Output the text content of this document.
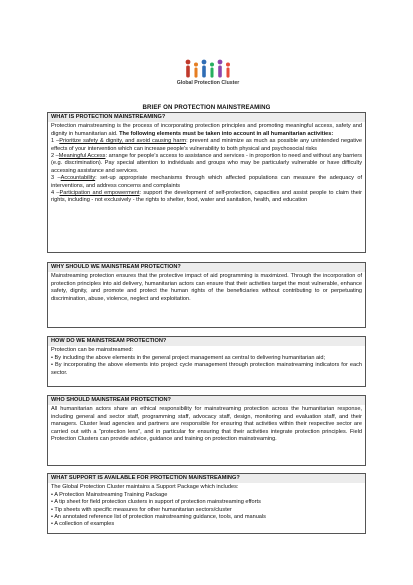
Global Protection Cluster
BRIEF ON PROTECTION MAINSTREAMING
WHAT IS PROTECTION MAINSTREAMING?

Protection mainstreaming is the process of incorporating protection principles and promoting meaningful access, safety and dignity in humanitarian aid. The following elements must be taken into account in all humanitarian activities:

1 –Prioritize safety & dignity, and avoid causing harm: prevent and minimize as much as possible any unintended negative effects of your intervention which can increase people’s vulnerability to both physical and psychosocial risks

2 –Meaningful Access: arrange for people’s access to assistance and services - in proportion to need and without any barriers (e.g. discrimination). Pay special attention to individuals and groups who may be particularly vulnerable or have difficulty accessing assistance and services.

3 –Accountability: set-up appropriate mechanisms through which affected populations can measure the adequacy of interventions, and address concerns and complaints

4 –Participation and empowerment: support the development of self-protection, capacities and assist people to claim their rights, including - not exclusively - the rights to shelter, food, water and sanitation, health, and education

WHY SHOULD WE MAINSTREAM PROTECTION?

Mainstreaming protection ensures that the protective impact of aid programming is maximized. Through the incorporation of protection principles into aid delivery, humanitarian actors can ensure that their activities target the most vulnerable, enhance safety, dignity, and promote and protect the human rights of the beneficiaries without contributing to or perpetuating discrimination, abuse, violence, neglect and exploitation.

HOW DO WE MAINSTREAM PROTECTION?

Protection can be mainstreamed:

• By including the above elements in the general project management as central to delivering humanitarian aid;

• By incorporating the above elements into project cycle management through protection mainstreaming indicators for each sector.

WHO SHOULD MAINSTREAM PROTECTION?

All humanitarian actors share an ethical responsibility for mainstreaming protection across the humanitarian response, including general and sector staff, programming staff, advocacy staff, design, monitoring and evaluation staff, and their managers. Cluster lead agencies and partners are responsible for ensuring that activities within their respective sector are carried out with a “protection lens”, and in particular for ensuring that their activities integrate protection principles. Field Protection Clusters can provide advice, guidance and training on protection mainstreaming.

WHAT SUPPORT IS AVAILABLE FOR PROTECTION MAINSTREAMING?

The Global Protection Cluster maintains a Support Package which includes:

• A Protection Mainstreaming Training Package

• A tip sheet for field protection clusters in support of protection mainstreaming efforts

• Tip sheets with specific measures for other humanitarian sectors/cluster

• An annotated reference list of protection mainstreaming guidance, tools, and manuals

• A collection of examples
